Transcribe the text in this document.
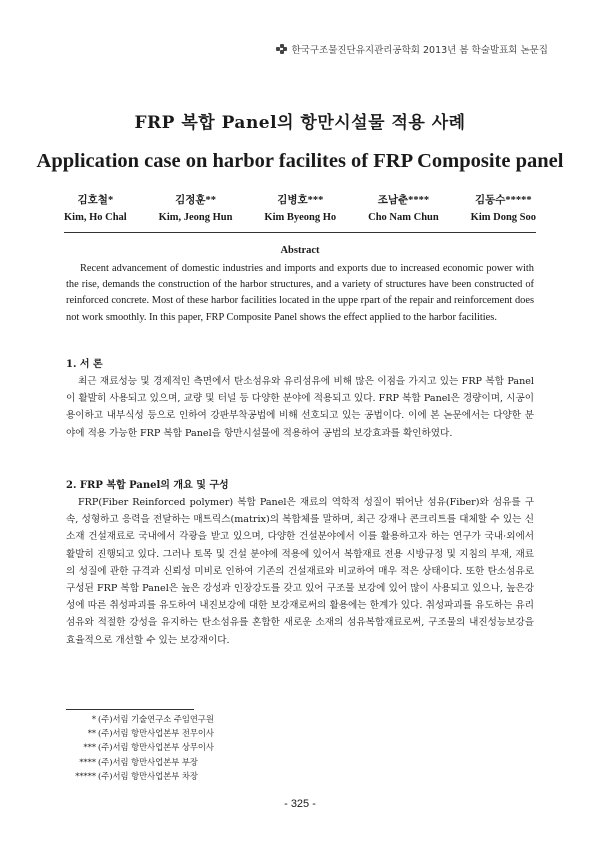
한국구조물진단유지관리공학회 2013년 봄 학술발표회 논문집
FRP 복합 Panel의 항만시설물 적용 사례
Application case on harbor facilites of FRP Composite panel
김호철*
Kim, Ho Chal
김정훈**
Kim, Jeong Hun
김병호***
Kim Byeong Ho
조남춘****
Cho Nam Chun
김동수*****
Kim Dong Soo
Abstract
Recent advancement of domestic industries and imports and exports due to increased economic power with the rise, demands the construction of the harbor structures, and a variety of structures have been constructed of reinforced concrete. Most of these harbor facilities located in the uppe rpart of the repair and reinforcement does not work smoothly. In this paper, FRP Composite Panel shows the effect applied to the harbor facilities.
1. 서 론
최근 재료성능 및 경제적인 측면에서 탄소섬유와 유리섬유에 비해 많은 이점을 가지고 있는 FRP 복합 Panel이 활발히 사용되고 있으며, 교량 및 터널 등 다양한 분야에 적용되고 있다. FRP 복합 Panel은 경량이며, 시공이 용이하고 내부식성 등으로 인하여 강판부착공법에 비해 선호되고 있는 공법이다. 이에 본 논문에서는 다양한 분야에 적용 가능한 FRP 복합 Panel을 항만시설물에 적용하여 공법의 보강효과를 확인하였다.
2. FRP 복합 Panel의 개요 및 구성
FRP(Fiber Reinforced polymer) 복합 Panel은 재료의 역학적 성질이 뛰어난 섬유(Fiber)와 섬유를 구속, 성형하고 응력을 전달하는 매트릭스(matrix)의 복합체를 말하며, 최근 강재나 콘크리트를 대체할 수 있는 신소재 건설재료로 국내에서 각광을 받고 있으며, 다양한 건설분야에서 이를 활용하고자 하는 연구가 국내·외에서 활발히 진행되고 있다. 그러나 토목 및 건설 분야에 적용에 있어서 복합재료 전용 시방규정 및 지침의 부재, 재료의 성질에 관한 규격과 신뢰성 미비로 인하여 기존의 건설재료와 비교하여 매우 적은 상태이다. 또한 탄소섬유로 구성된 FRP 복합 Panel은 높은 강성과 인장강도를 갖고 있어 구조물 보강에 있어 많이 사용되고 있으나, 높은강성에 따른 취성파괴를 유도하여 내진보강에 대한 보강재로써의 활용에는 한계가 있다. 취성파괴를 유도하는 유리섬유와 적절한 강성을 유지하는 탄소섬유를 혼합한 새로운 소재의 섬유복합재료로써, 구조물의 내진성능보강을 효율적으로 개선할 수 있는 보강재이다.
* (주)서림 기술연구소 주임연구원
** (주)서림 항만사업본부 전무이사
*** (주)서림 항만사업본부 상무이사
**** (주)서림 항만사업본부 부장
***** (주)서림 항만사업본부 차장
- 325 -
